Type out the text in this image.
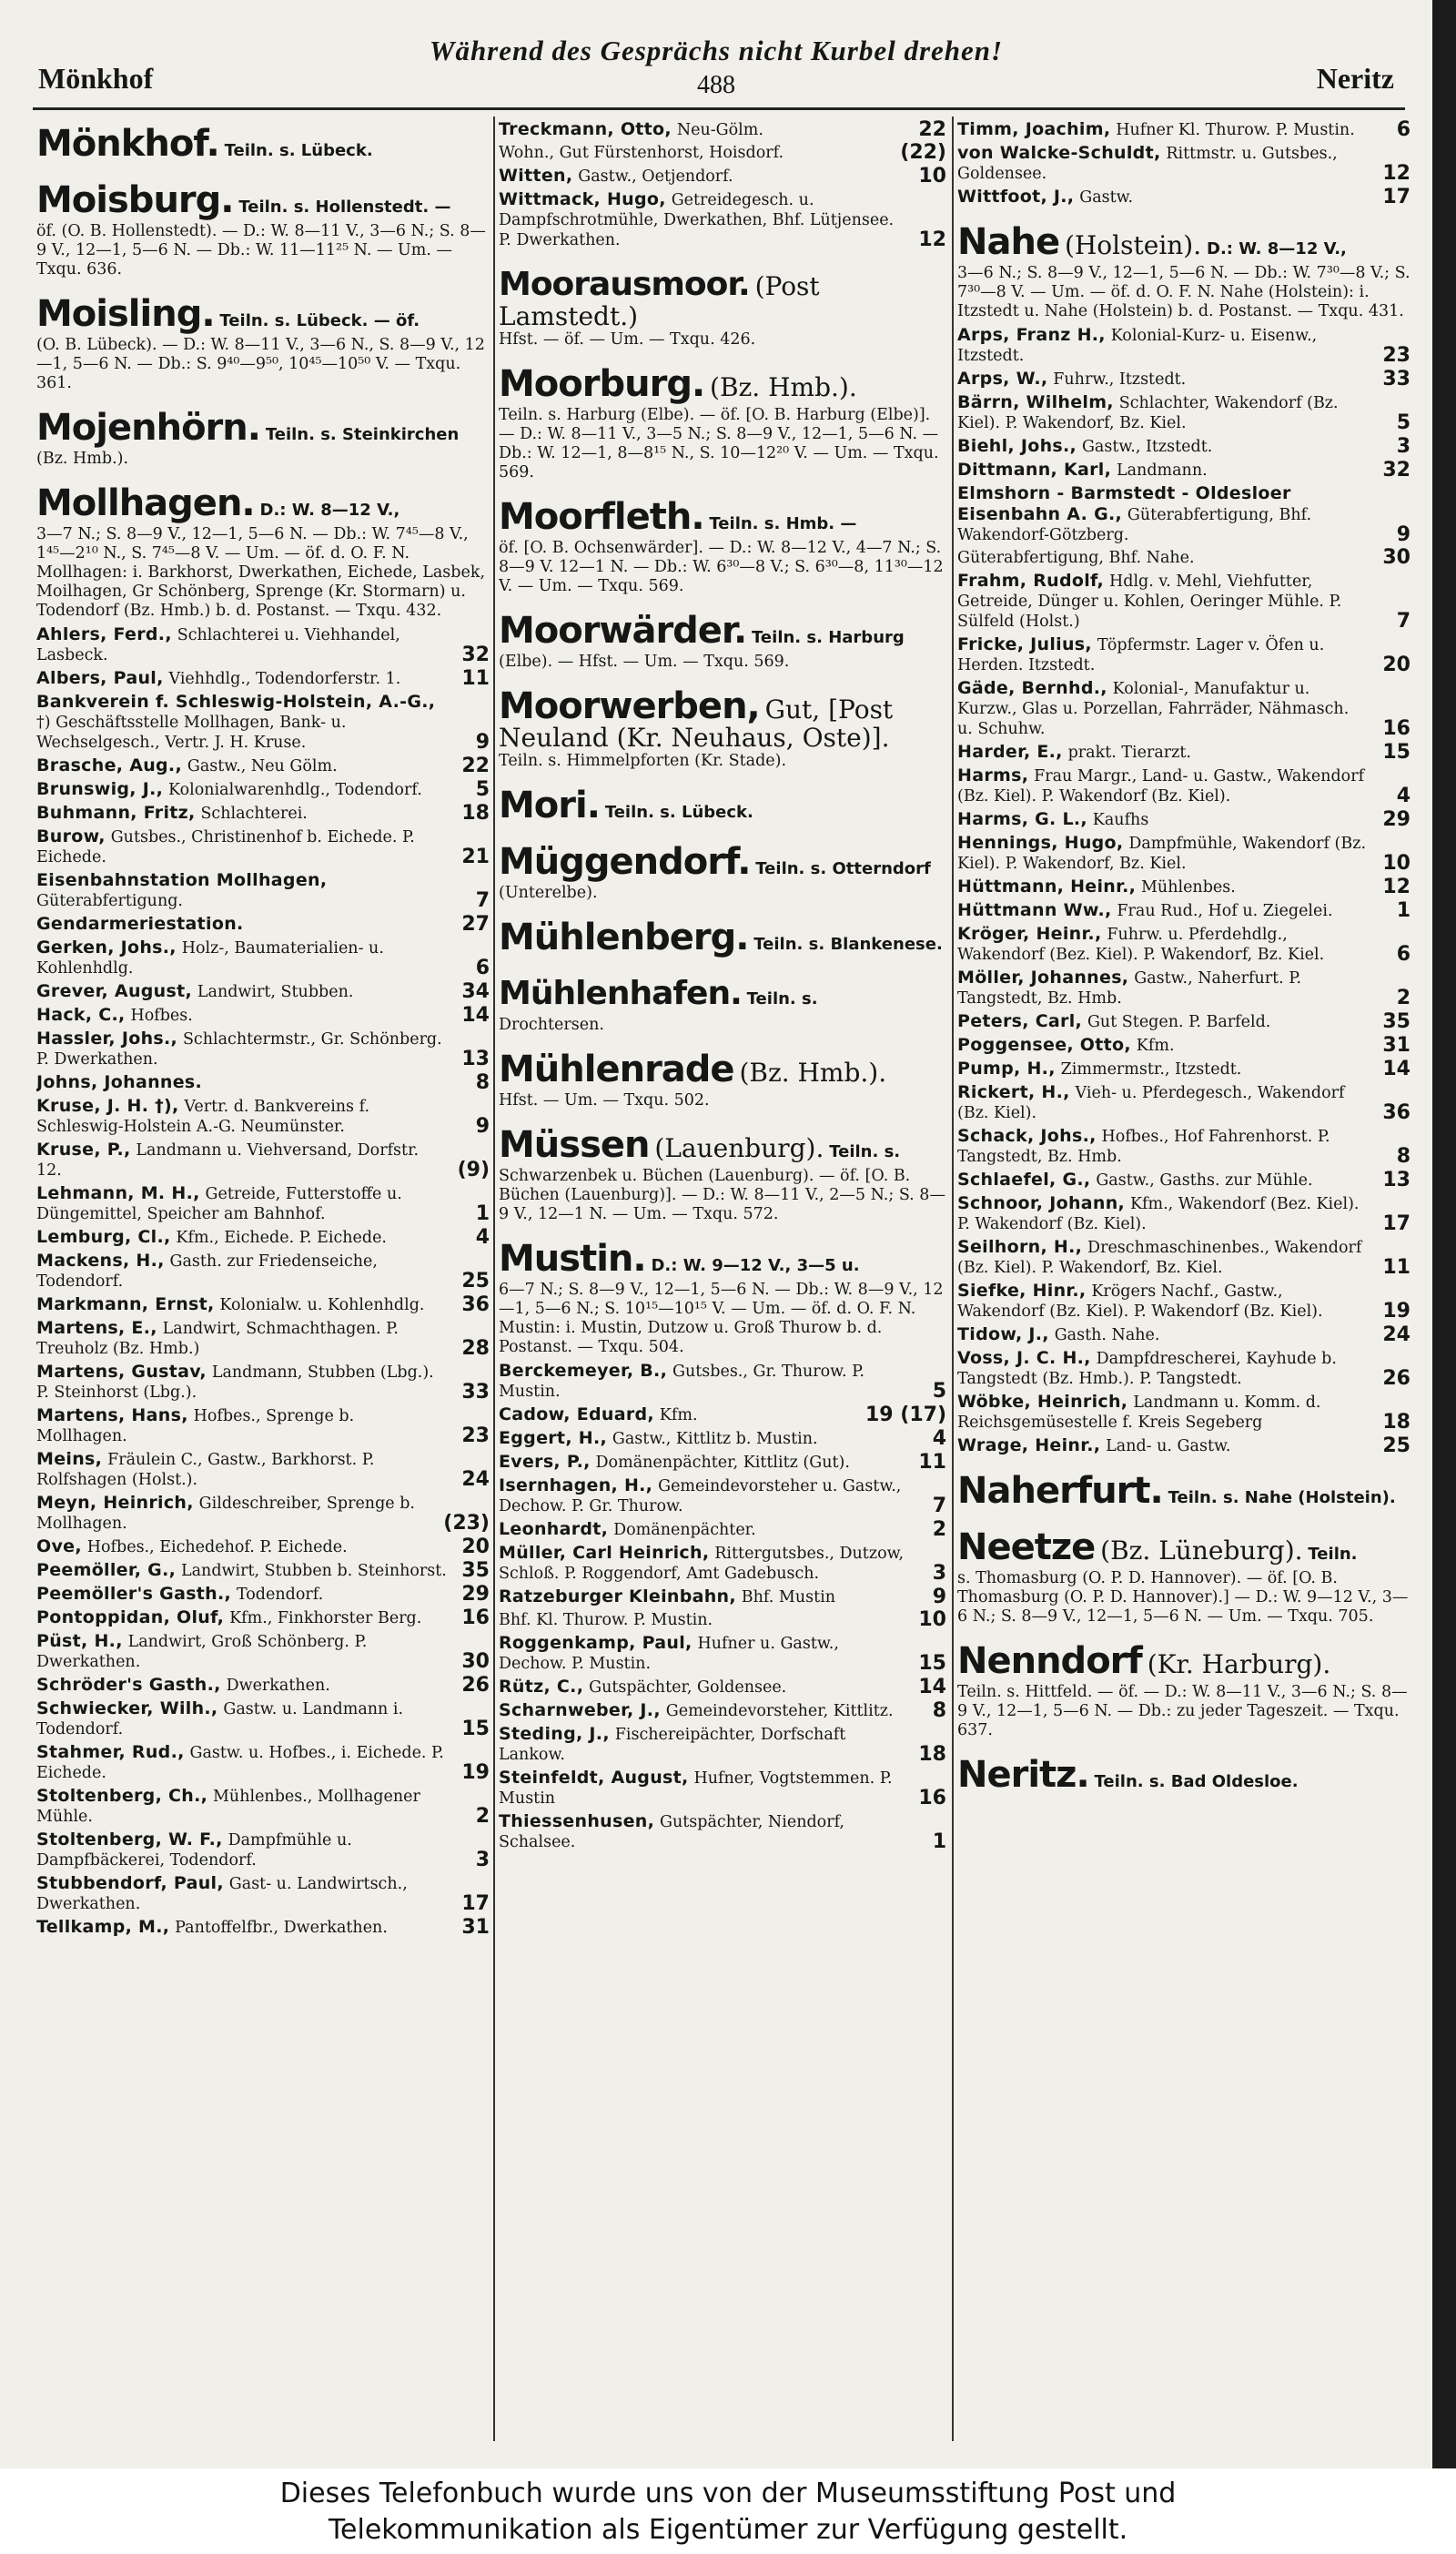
Mönkhof
Während des Gesprächs nicht Kurbel drehen!
488	Neritz
Mönkhof. Teiln. s. Lübeck.
Moisburg. Teiln. s. Hollenstedt. —
öf. (O. B. Hollenstedt). — D.: W. 8—11 V., 3—6 N.; S. 8—9 V., 12—1, 5—6 N. — Db.: W. 11—11²⁵ N. — Um. — Txqu. 636.
Moisling. Teiln. s. Lübeck. — öf.
(O. B. Lübeck). — D.: W. 8—11 V., 3—6 N., S. 8—9 V., 12—1, 5—6 N. — Db.: S. 9⁴⁰—9⁵⁰, 10⁴⁵—10⁵⁰ V. — Txqu. 361.
Mojenhörn. Teiln. s. Steinkirchen
(Bz. Hmb.).
Mollhagen. D.: W. 8—12 V.,
3—7 N.; S. 8—9 V., 12—1, 5—6 N. — Db.: W. 7⁴⁵—8 V., 1⁴⁵—2¹⁰ N., S. 7⁴⁵—8 V. — Um. — öf. d. O. F. N. Mollhagen: i. Barkhorst, Dwerkathen, Eichede, Lasbek, Moilhagen, Gr Schönberg, Sprenge (Kr. Stormarn) u. Todendorf (Bz. Hmb.) b. d. Postanst. — Txqu. 432.
Ahlers, Ferd., Schlachterei u. Viehhandel, Lasbeck.	32
Albers, Paul, Viehhdlg., Todendorferstr. 1.	11
Bankverein f. Schleswig-Holstein, A.-G., †) Geschäftsstelle Mollhagen, Bank- u. Wechselgesch., Vertr. J. H. Kruse.	9
Brasche, Aug., Gastw., Neu Gölm.	22
Brunswig, J., Kolonialwarenhdlg., Todendorf.	5
Buhmann, Fritz, Schlachterei.	18
Burow, Gutsbes., Christinenhof b. Eichede. P. Eichede.	21
Eisenbahnstation Mollhagen, Güterabfertigung.	7
Gendarmeriestation.	27
Gerken, Johs., Holz-, Baumaterialien- u. Kohlenhdlg.	6
Grever, August, Landwirt, Stubben.	34
Hack, C., Hofbes.	14
Hassler, Johs., Schlachtermstr., Gr. Schönberg. P. Dwerkathen.	13
Johns, Johannes.	8
Kruse, J. H. †), Vertr. d. Bankvereins f. Schleswig-Holstein A.-G. Neumünster.	9
Kruse, P., Landmann u. Viehversand, Dorfstr. 12.	(9)
Lehmann, M. H., Getreide, Futterstoffe u. Düngemittel, Speicher am Bahnhof.	1
Lemburg, Cl., Kfm., Eichede. P. Eichede.	4
Mackens, H., Gasth. zur Friedenseiche, Todendorf.	25
Markmann, Ernst, Kolonialw. u. Kohlenhdlg. 36
Martens, E., Landwirt, Schmachthagen. P. Treuholz (Bz. Hmb.)	28
Martens, Gustav, Landmann, Stubben (Lbg.). P. Steinhorst (Lbg.).	33
Martens, Hans, Hofbes., Sprenge b. Mollhagen.	23
Meins, Fräulein C., Gastw., Barkhorst. P. Rolfshagen (Holst.).	24
Meyn, Heinrich, Gildeschreiber, Sprenge b. Mollhagen.	(23)
Ove, Hofbes., Eichedehof. P. Eichede.	20
Peemöller, G., Landwirt, Stubben b. Steinhorst. 35
Peemöller's Gasth., Todendorf.	29
Pontoppidan, Oluf, Kfm., Finkhorster Berg. 16
Püst, H., Landwirt, Groß Schönberg. P. Dwerkathen.	30
Schröder's Gasth., Dwerkathen.	26
Schwiecker, Wilh., Gastw. u. Landmann i. Todendorf.	15
Stahmer, Rud., Gastw. u. Hofbes., i. Eichede. P. Eichede.	19
Stoltenberg, Ch., Mühlenbes., Mollhagener Mühle.	2
Stoltenberg, W. F., Dampfmühle u. Dampfbäckerei, Todendorf.	3
Stubbendorf, Paul, Gast- u. Landwirtsch., Dwerkathen.	17
Tellkamp, M., Pantoffelfbr., Dwerkathen.	31
Treckmann, Otto, Neu-Gölm.	22
Wohn., Gut Fürstenhorst, Hoisdorf.	(22)
Witten, Gastw., Oetjendorf.	10
Wittmack, Hugo, Getreidegesch. u. Dampfschrotmühle, Dwerkathen, Bhf. Lütjensee. P. Dwerkathen.	12
Moorausmoor. (Post Lamstedt.)
Hfst. — öf. — Um. — Txqu. 426.
Moorburg. (Bz. Hmb.).
Teiln. s. Harburg (Elbe). — öf. [O. B. Harburg (Elbe)]. — D.: W. 8—11 V., 3—5 N.; S. 8—9 V., 12—1, 5—6 N. — Db.: W. 12—1, 8—8¹⁵ N., S. 10—12²⁰ V. — Um. — Txqu. 569.
Moorfleth. Teiln. s. Hmb. —
öf. [O. B. Ochsenwärder]. — D.: W. 8—12 V., 4—7 N.; S. 8—9 V. 12—1 N. — Db.: W. 6³⁰—8 V.; S. 6³⁰—8, 11³⁰—12 V. — Um. — Txqu. 569.
Moorwärder. Teiln. s. Harburg
(Elbe). — Hfst. — Um. — Txqu. 569.
Moorwerben, Gut, [Post Neuland (Kr. Neuhaus, Oste)].
Teiln. s. Himmelpforten (Kr. Stade).
Mori. Teiln. s. Lübeck.
Müggendorf. Teiln. s. Otterndorf
(Unterelbe).
Mühlenberg. Teiln. s. Blankenese.
Mühlenhafen. Teiln. s.
Drochtersen.
Mühlenrade (Bz. Hmb.).
Hfst. — Um. — Txqu. 502.
Müssen (Lauenburg). Teiln. s.
Schwarzenbek u. Büchen (Lauenburg). — öf. [O. B. Büchen (Lauenburg)]. — D.: W. 8—11 V., 2—5 N.; S. 8—9 V., 12—1 N. — Um. — Txqu. 572.
Mustin. D.: W. 9—12 V., 3—5 u.
6—7 N.; S. 8—9 V., 12—1, 5—6 N. — Db.: W. 8—9 V., 12—1, 5—6 N.; S. 10¹⁵—10¹⁵ V. — Um. — öf. d. O. F. N. Mustin: i. Mustin, Dutzow u. Groß Thurow b. d. Postanst. — Txqu. 504.
Berckemeyer, B., Gutsbes., Gr. Thurow. P. Mustin.	5
Cadow, Eduard, Kfm.	19 (17)
Eggert, H., Gastw., Kittlitz b. Mustin.	4
Evers, P., Domänenpächter, Kittlitz (Gut).	11
Isernhagen, H., Gemeindevorsteher u. Gastw., Dechow. P. Gr. Thurow.	7
Leonhardt, Domänenpächter.	2
Müller, Carl Heinrich, Rittergutsbes., Dutzow, Schloß. P. Roggendorf, Amt Gadebusch.	3
Ratzeburger Kleinbahn, Bhf. Mustin	9
Bhf. Kl. Thurow. P. Mustin.	10
Roggenkamp, Paul, Hufner u. Gastw., Dechow. P. Mustin.	15
Rütz, C., Gutspächter, Goldensee.	14
Scharnweber, J., Gemeindevorsteher, Kittlitz. 8
Steding, J., Fischereipächter, Dorfschaft Lankow.	18
Steinfeldt, August, Hufner, Vogtstemmen. P. Mustin	16
Thiessenhusen, Gutspächter, Niendorf, Schalsee.	1
Timm, Joachim, Hufner Kl. Thurow. P. Mustin. 6
von Walcke-Schuldt, Rittmstr. u. Gutsbes., Goldensee.	12
Wittfoot, J., Gastw.	17
Nahe (Holstein). D.: W. 8—12 V.,
3—6 N.; S. 8—9 V., 12—1, 5—6 N. — Db.: W. 7³⁰—8 V.; S. 7³⁰—8 V. — Um. — öf. d. O. F. N. Nahe (Holstein): i. Itzstedt u. Nahe (Holstein) b. d. Postanst. — Txqu. 431.
Arps, Franz H., Kolonial-Kurz- u. Eisenw., Itzstedt.	23
Arps, W., Fuhrw., Itzstedt.	33
Bärrn, Wilhelm, Schlachter, Wakendorf (Bz. Kiel). P. Wakendorf, Bz. Kiel.	5
Biehl, Johs., Gastw., Itzstedt.	3
Dittmann, Karl, Landmann.	32
Elmshorn - Barmstedt - Oldesloer Eisenbahn A. G., Güterabfertigung, Bhf. Wakendorf-Götzberg.	9
Güterabfertigung, Bhf. Nahe.	30
Frahm, Rudolf, Hdlg. v. Mehl, Viehfutter, Getreide, Dünger u. Kohlen, Oeringer Mühle. P. Sülfeld (Holst.)	7
Fricke, Julius, Töpfermstr. Lager v. Öfen u. Herden. Itzstedt.	20
Gäde, Bernhd., Kolonial-, Manufaktur u. Kurzw., Glas u. Porzellan, Fahrräder, Nähmasch. u. Schuhw.	16
Harder, E., prakt. Tierarzt.	15
Harms, Frau Margr., Land- u. Gastw., Wakendorf (Bz. Kiel). P. Wakendorf (Bz. Kiel).	4
Harms, G. L., Kaufhs	29
Hennings, Hugo, Dampfmühle, Wakendorf (Bz. Kiel). P. Wakendorf, Bz. Kiel.	10
Hüttmann, Heinr., Mühlenbes.	12
Hüttmann Ww., Frau Rud., Hof u. Ziegelei.	1
Kröger, Heinr., Fuhrw. u. Pferdehdlg., Wakendorf (Bez. Kiel). P. Wakendorf, Bz. Kiel.	6
Möller, Johannes, Gastw., Naherfurt. P. Tangstedt, Bz. Hmb.	2
Peters, Carl, Gut Stegen. P. Barfeld.	35
Poggensee, Otto, Kfm.	31
Pump, H., Zimmermstr., Itzstedt.	14
Rickert, H., Vieh- u. Pferdegesch., Wakendorf (Bz. Kiel).	36
Schack, Johs., Hofbes., Hof Fahrenhorst. P. Tangstedt, Bz. Hmb.	8
Schlaefel, G., Gastw., Gasths. zur Mühle.	13
Schnoor, Johann, Kfm., Wakendorf (Bez. Kiel). P. Wakendorf (Bz. Kiel).	17
Seilhorn, H., Dreschmaschinenbes., Wakendorf (Bz. Kiel). P. Wakendorf, Bz. Kiel.	11
Siefke, Hinr., Krögers Nachf., Gastw., Wakendorf (Bz. Kiel). P. Wakendorf (Bz. Kiel).	19
Tidow, J., Gasth. Nahe.	24
Voss, J. C. H., Dampfdrescherei, Kayhude b. Tangstedt (Bz. Hmb.). P. Tangstedt.	26
Wöbke, Heinrich, Landmann u. Komm. d. Reichsgemüsestelle f. Kreis Segeberg	18
Wrage, Heinr., Land- u. Gastw.	25
Naherfurt. Teiln. s. Nahe (Holstein).
Neetze (Bz. Lüneburg). Teiln.
s. Thomasburg (O. P. D. Hannover). — öf. [O. B. Thomasburg (O. P. D. Hannover).] — D.: W. 9—12 V., 3—6 N.; S. 8—9 V., 12—1, 5—6 N. — Um. — Txqu. 705.
Nenndorf (Kr. Harburg).
Teiln. s. Hittfeld. — öf. — D.: W. 8—11 V., 3—6 N.; S. 8—9 V., 12—1, 5—6 N. — Db.: zu jeder Tageszeit. — Txqu. 637.
Neritz. Teiln. s. Bad Oldesloe.
Dieses Telefonbuch wurde uns von der Museumsstiftung Post und
Telekommunikation als Eigentümer zur Verfügung gestellt.
